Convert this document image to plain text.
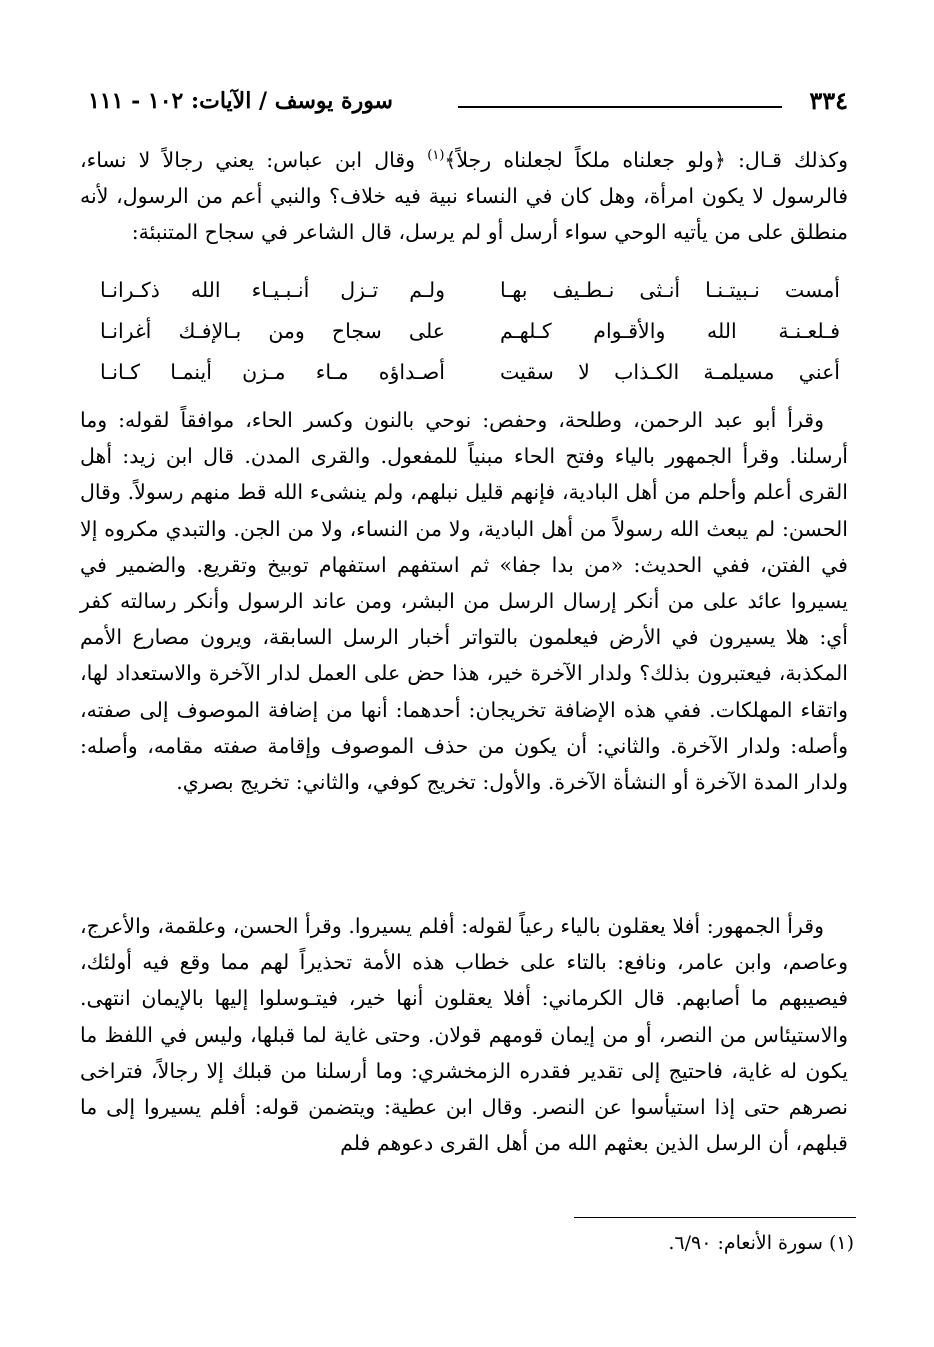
٣٣٤
سورة يوسف / الآيات: ١٠٢ - ١١١

وكذلك قـال: ﴿ولو جعلناه ملكاً لجعلناه رجلاً﴾$^{(١)}$ وقال ابن عباس: يعني رجالاً لا نساء، فالرسول لا يكون امرأة، وهل كان في النساء نبية فيه خلاف؟ والنبي أعم من الرسول، لأنه منطلق على من يأتيه الوحي سواء أرسل أو لم يرسل، قال الشاعر في سجاح المتنبئة:

أمست نـبيتـنـا أنـثى نـطـيف بهـا
ولـم تـزل أنـبـيـاء الله ذكـرانـا
فـلعـنـة الله والأقـوام كـلهـم
على سجاح ومن بـالإفـك أغرانـا
أعني مسيلمـة الكـذاب لا سقيت
أصـداؤه مـاء مـزن أينمـا كـانـا

وقرأ أبو عبد الرحمن، وطلحة، وحفص: نوحي بالنون وكسر الحاء، موافقاً لقوله: وما أرسلنا. وقرأ الجمهور بالياء وفتح الحاء مبنياً للمفعول. والقرى المدن. قال ابن زيد: أهل القرى أعلم وأحلم من أهل البادية، فإنهم قليل نبلهم، ولم ينشىء الله قط منهم رسولاً. وقال الحسن: لم يبعث الله رسولاً من أهل البادية، ولا من النساء، ولا من الجن. والتبدي مكروه إلا في الفتن، ففي الحديث: «من بدا جفا» ثم استفهم استفهام توبيخ وتقريع. والضمير في يسيروا عائد على من أنكر إرسال الرسل من البشر، ومن عاند الرسول وأنكر رسالته كفر أي: هلا يسيرون في الأرض فيعلمون بالتواتر أخبار الرسل السابقة، ويرون مصارع الأمم المكذبة، فيعتبرون بذلك؟ ولدار الآخرة خير، هذا حض على العمل لدار الآخرة والاستعداد لها، واتقاء المهلكات. ففي هذه الإضافة تخريجان: أحدهما: أنها من إضافة الموصوف إلى صفته، وأصله: ولدار الآخرة. والثاني: أن يكون من حذف الموصوف وإقامة صفته مقامه، وأصله: ولدار المدة الآخرة أو النشأة الآخرة. والأول: تخريج كوفي، والثاني: تخريج بصري.

وقرأ الجمهور: أفلا يعقلون بالياء رعياً لقوله: أفلم يسيروا. وقرأ الحسن، وعلقمة، والأعرج، وعاصم، وابن عامر، ونافع: بالتاء على خطاب هذه الأمة تحذيراً لهم مما وقع فيه أولئك، فيصيبهم ما أصابهم. قال الكرماني: أفلا يعقلون أنها خير، فيتـوسلوا إليها بالإيمان انتهى. والاستيئاس من النصر، أو من إيمان قومهم قولان. وحتى غاية لما قبلها، وليس في اللفظ ما يكون له غاية، فاحتيج إلى تقدير فقدره الزمخشري: وما أرسلنا من قبلك إلا رجالاً، فتراخى نصرهم حتى إذا استيأسوا عن النصر. وقال ابن عطية: ويتضمن قوله: أفلم يسيروا إلى ما قبلهم، أن الرسل الذين بعثهم الله من أهل القرى دعوهم فلم

(١) سورة الأنعام: ٦/٩٠.
